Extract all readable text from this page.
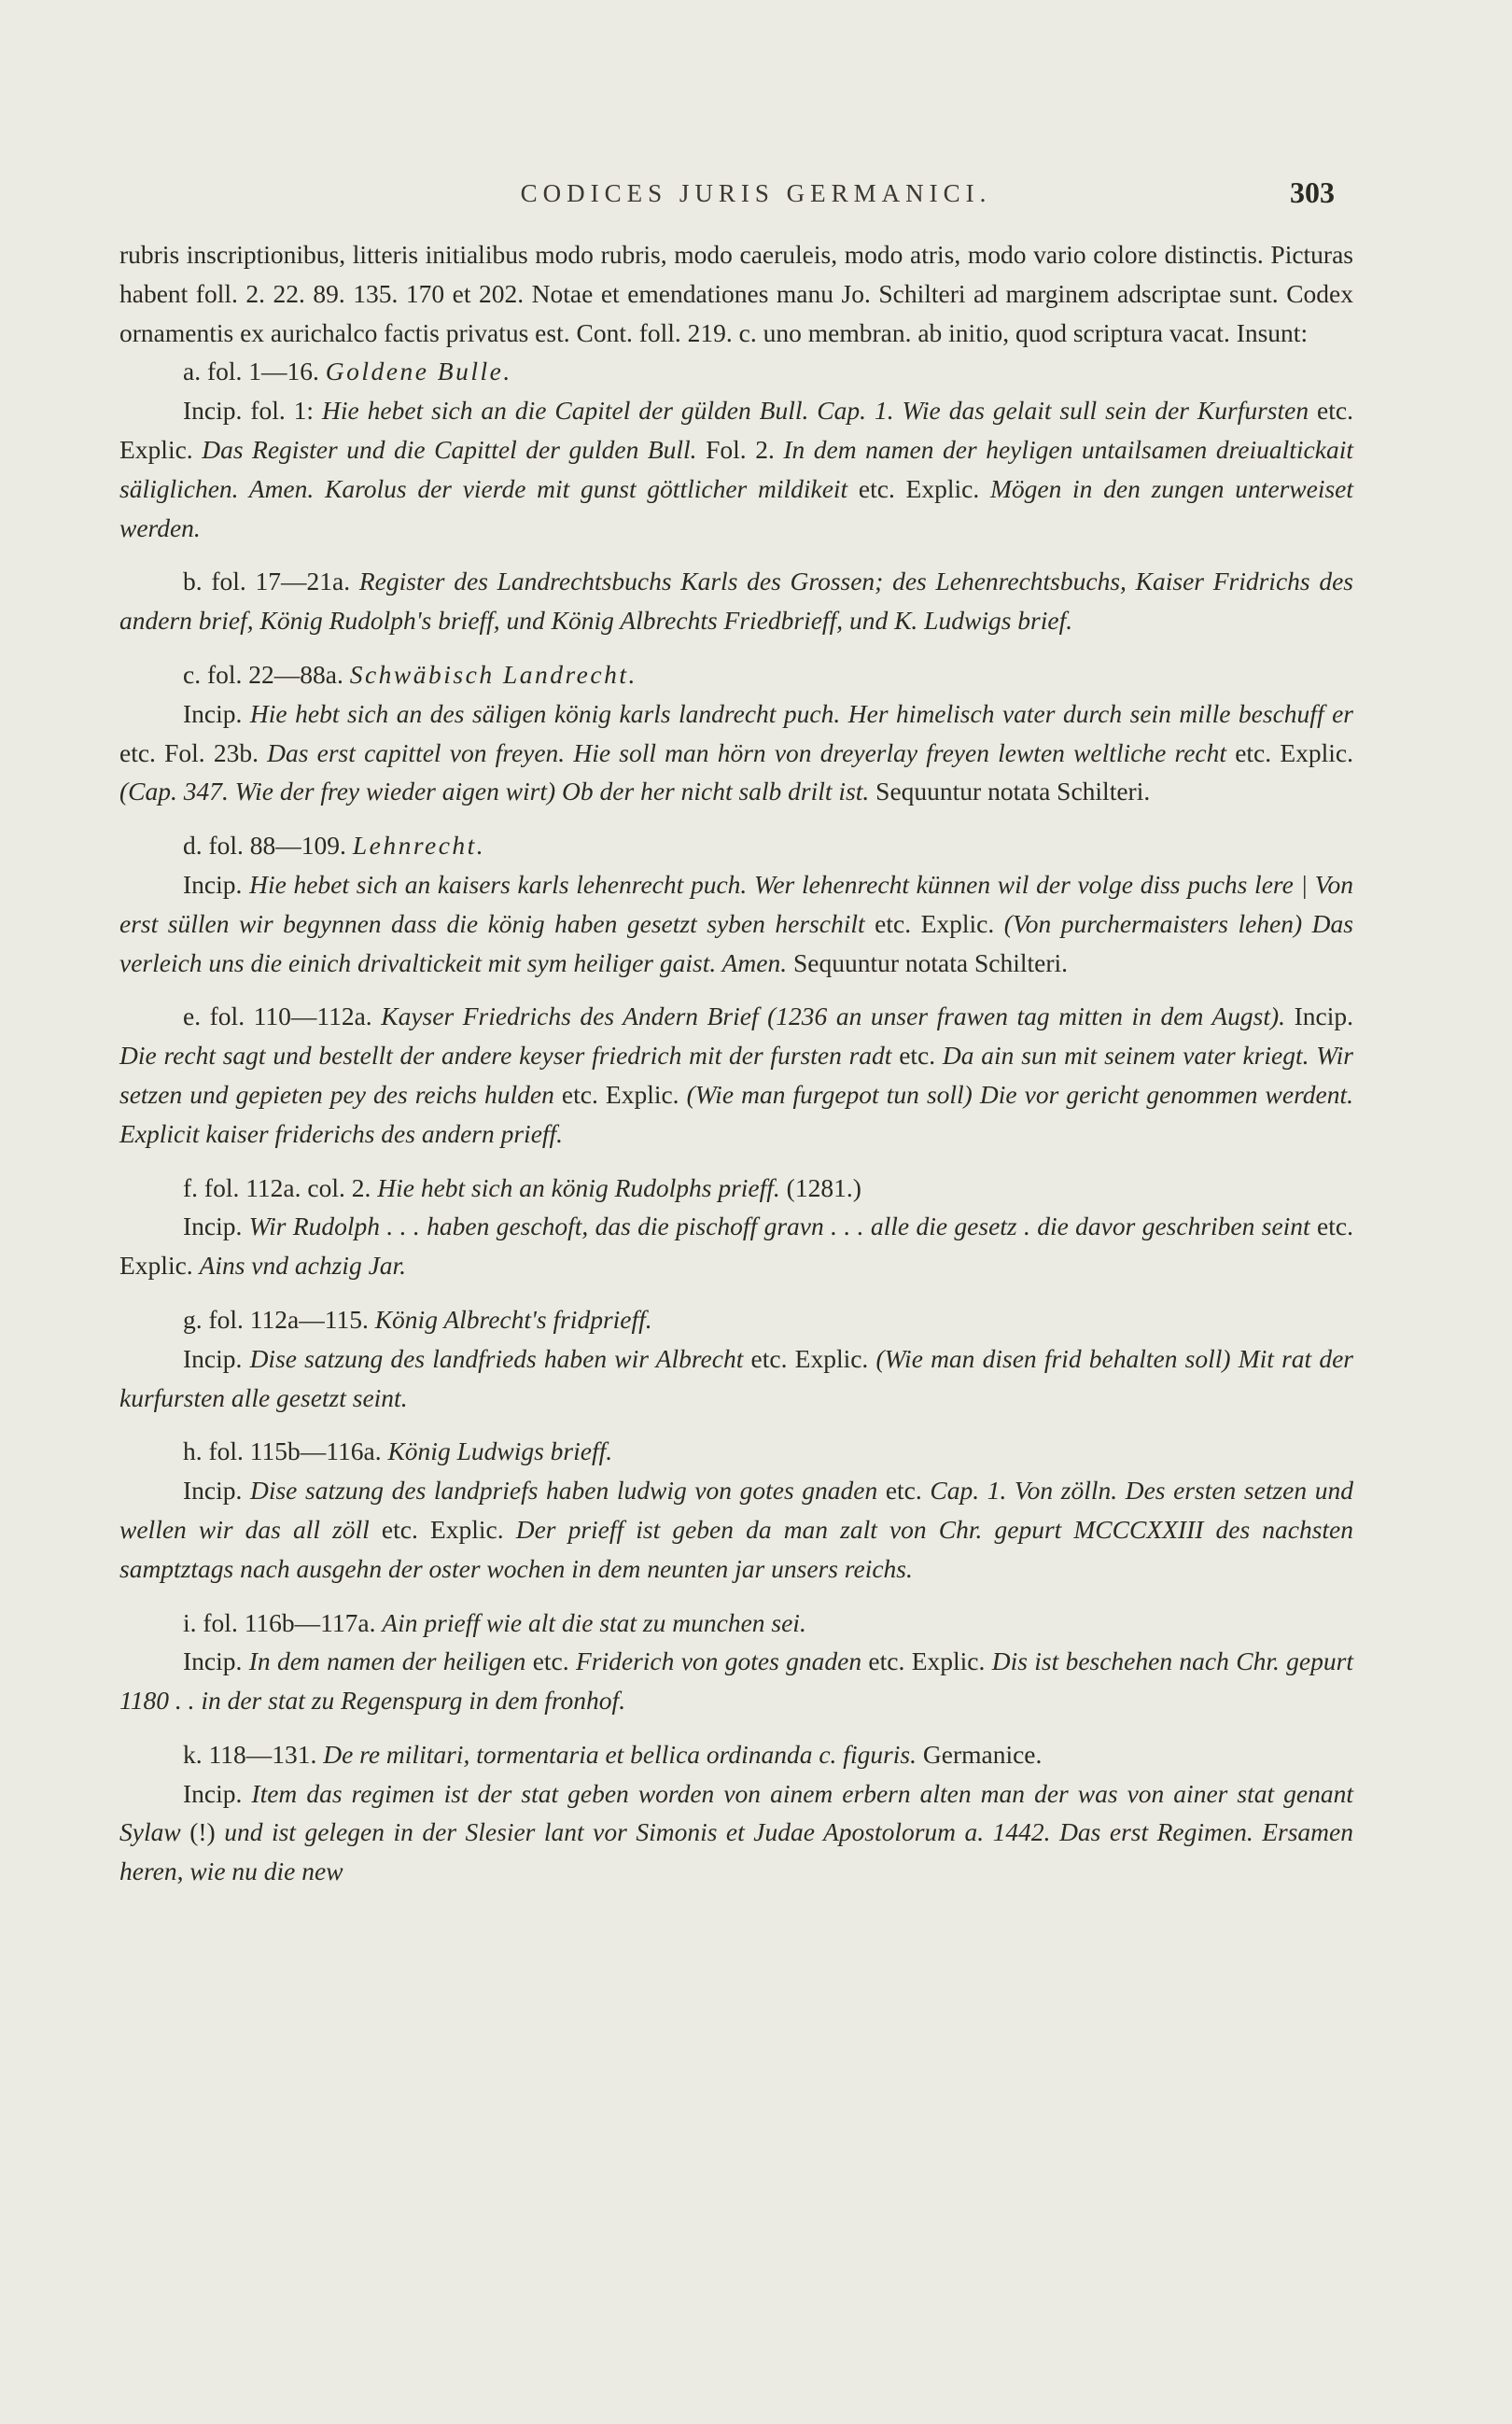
CODICES JURIS GERMANICI.	303

rubris inscriptionibus, litteris initialibus modo rubris, modo caeruleis, modo atris, modo vario colore distinctis. Picturas habent foll. 2. 22. 89. 135. 170 et 202. Notae et emendationes manu Jo. Schilteri ad marginem adscriptae sunt. Codex ornamentis ex aurichalco factis privatus est. Cont. foll. 219. c. uno membran. ab initio, quod scriptura vacat. Insunt:

a. fol. 1—16. Goldene Bulle.

Incip. fol. 1: Hie hebet sich an die Capitel der gülden Bull. Cap. 1. Wie das gelait sull sein der Kurfursten etc. Explic. Das Register und die Capittel der gulden Bull. Fol. 2. In dem namen der heyligen untailsamen dreiualtickait säliglichen. Amen. Karolus der vierde mit gunst göttlicher mildikeit etc. Explic. Mögen in den zungen unterweiset werden.

b. fol. 17—21a. Register des Landrechtsbuchs Karls des Grossen; des Lehenrechtsbuchs, Kaiser Fridrichs des andern brief, König Rudolph's brieff, und König Albrechts Friedbrieff, und K. Ludwigs brief.

c. fol. 22—88a. Schwäbisch Landrecht.

Incip. Hie hebt sich an des säligen könig karls landrecht puch. Her himelisch vater durch sein mille beschuff er etc. Fol. 23b. Das erst capittel von freyen. Hie soll man hörn von dreyerlay freyen lewten weltliche recht etc. Explic. (Cap. 347. Wie der frey wieder aigen wirt) Ob der her nicht salb drilt ist. Sequuntur notata Schilteri.

d. fol. 88—109. Lehnrecht.

Incip. Hie hebet sich an kaisers karls lehenrecht puch. Wer lehenrecht künnen wil der volge diss puchs lere | Von erst süllen wir begynnen dass die könig haben gesetzt syben herschilt etc. Explic. (Von purchermaisters lehen) Das verleich uns die einich drivaltickeit mit sym heiliger gaist. Amen. Sequuntur notata Schilteri.

e. fol. 110—112a. Kayser Friedrichs des Andern Brief (1236 an unser frawen tag mitten in dem Augst). Incip. Die recht sagt und bestellt der andere keyser friedrich mit der fursten radt etc. Da ain sun mit seinem vater kriegt. Wir setzen und gepieten pey des reichs hulden etc. Explic. (Wie man furgepot tun soll) Die vor gericht genommen werdent. Explicit kaiser friderichs des andern prieff.

f. fol. 112a. col. 2. Hie hebt sich an könig Rudolphs prieff. (1281.)

Incip. Wir Rudolph . . . haben geschoft, das die pischoff gravn . . . alle die gesetz . die davor geschriben seint etc. Explic. Ains vnd achzig Jar.

g. fol. 112a—115. König Albrecht's fridprieff.

Incip. Dise satzung des landfrieds haben wir Albrecht etc. Explic. (Wie man disen frid behalten soll) Mit rat der kurfursten alle gesetzt seint.

h. fol. 115b—116a. König Ludwigs brieff.

Incip. Dise satzung des landpriefs haben ludwig von gotes gnaden etc. Cap. 1. Von zölln. Des ersten setzen und wellen wir das all zöll etc. Explic. Der prieff ist geben da man zalt von Chr. gepurt MCCCXXIII des nachsten samptztags nach ausgehn der oster wochen in dem neunten jar unsers reichs.

i. fol. 116b—117a. Ain prieff wie alt die stat zu munchen sei.

Incip. In dem namen der heiligen etc. Friderich von gotes gnaden etc. Explic. Dis ist beschehen nach Chr. gepurt 1180 . . in der stat zu Regenspurg in dem fronhof.

k. 118—131. De re militari, tormentaria et bellica ordinanda c. figuris. Germanice.

Incip. Item das regimen ist der stat geben worden von ainem erbern alten man der was von ainer stat genant Sylaw (!) und ist gelegen in der Slesier lant vor Simonis et Judae Apostolorum a. 1442. Das erst Regimen. Ersamen heren, wie nu die new
